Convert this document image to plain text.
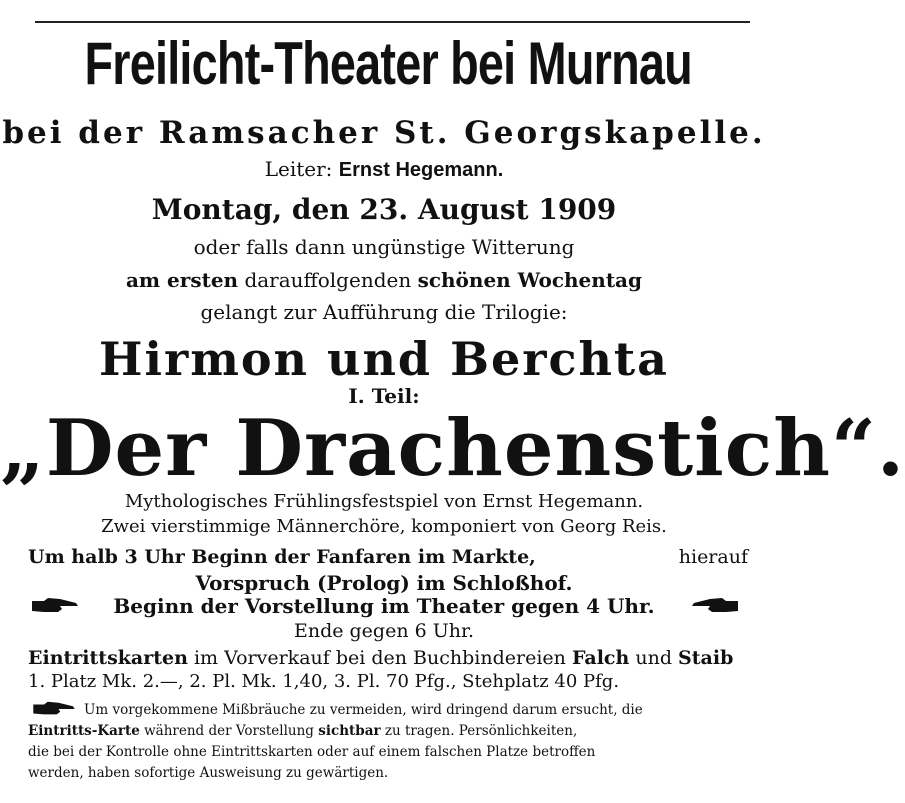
Freilicht-Theater bei Murnau
bei der Ramsacher St. Georgskapelle.
Leiter: Ernst Hegemann.
Montag, den 23. August 1909
oder falls dann ungünstige Witterung
am ersten darauffolgenden schönen Wochentag
gelangt zur Aufführung die Trilogie:
Hirmon und Berchta
I. Teil:
„Der Drachenstich“.
Mythologisches Frühlingsfestspiel von Ernst Hegemann.
Zwei vierstimmige Männerchöre, komponiert von Georg Reis.
Um halb 3 Uhr Beginn der Fanfaren im Markte,	hierauf
Vorspruch (Prolog) im Schloßhof.
Beginn der Vorstellung im Theater gegen 4 Uhr.
Ende gegen 6 Uhr.
Eintrittskarten im Vorverkauf bei den Buchbindereien Falch und Staib
1. Platz Mk. 2.—, 2. Pl. Mk. 1,40, 3. Pl. 70 Pfg., Stehplatz 40 Pfg.
Um vorgekommene Mißbräuche zu vermeiden, wird dringend darum ersucht, die
Eintritts-Karte während der Vorstellung sichtbar zu tragen. Persönlichkeiten,
die bei der Kontrolle ohne Eintrittskarten oder auf einem falschen Platze betroffen
werden, haben sofortige Ausweisung zu gewärtigen.
